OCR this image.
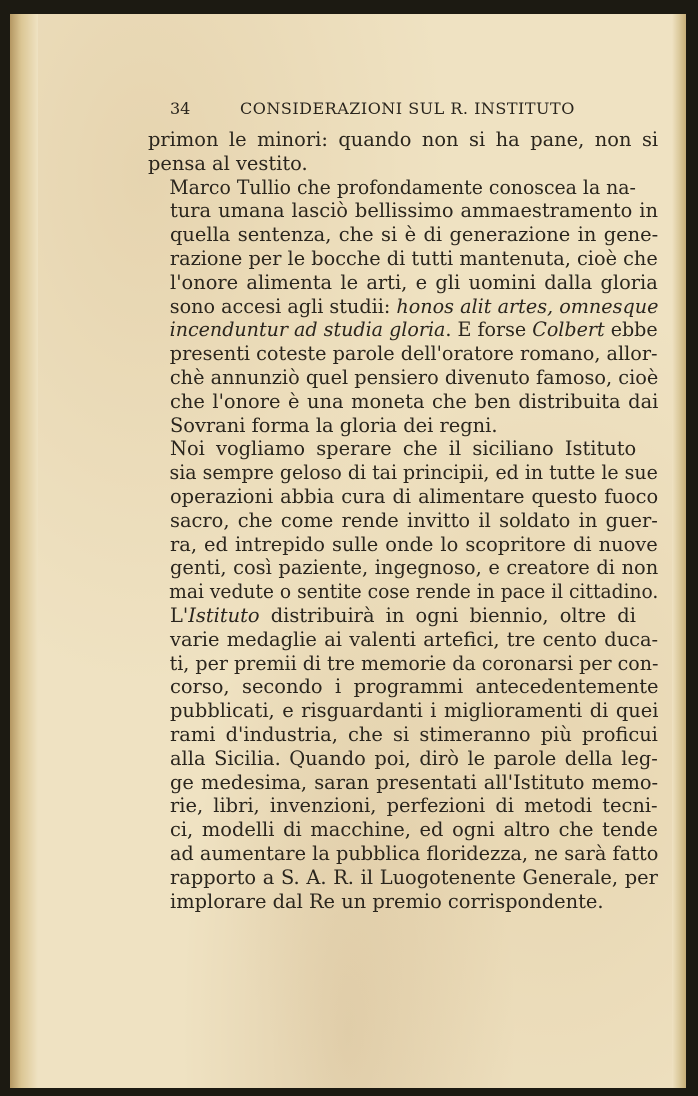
34	CONSIDERAZIONI SUL R. INSTITUTO

primon le minori: quando non si ha pane, non si
pensa al vestito.

Marco Tullio che profondamente conoscea la na-
tura umana lasciò bellissimo ammaestramento in
quella sentenza, che si è di generazione in gene-
razione per le bocche di tutti mantenuta, cioè che
l'onore alimenta le arti, e gli uomini dalla gloria
sono accesi agli studii: honos alit artes, omnesque
incenduntur ad studia gloria. E forse Colbert ebbe
presenti coteste parole dell'oratore romano, allor-
chè annunziò quel pensiero divenuto famoso, cioè
che l'onore è una moneta che ben distribuita dai
Sovrani forma la gloria dei regni.

Noi vogliamo sperare che il siciliano Istituto
sia sempre geloso di tai principii, ed in tutte le sue
operazioni abbia cura di alimentare questo fuoco
sacro, che come rende invitto il soldato in guer-
ra, ed intrepido sulle onde lo scopritore di nuove
genti, così paziente, ingegnoso, e creatore di non
mai vedute o sentite cose rende in pace il cittadino.

L'Istituto distribuirà in ogni biennio, oltre di
varie medaglie ai valenti artefici, tre cento duca-
ti, per premii di tre memorie da coronarsi per con-
corso, secondo i programmi antecedentemente
pubblicati, e risguardanti i miglioramenti di quei
rami d'industria, che si stimeranno più proficui
alla Sicilia. Quando poi, dirò le parole della leg-
ge medesima, saran presentati all'Istituto memo-
rie, libri, invenzioni, perfezioni di metodi tecni-
ci, modelli di macchine, ed ogni altro che tende
ad aumentare la pubblica floridezza, ne sarà fatto
rapporto a S. A. R. il Luogotenente Generale, per
implorare dal Re un premio corrispondente.
